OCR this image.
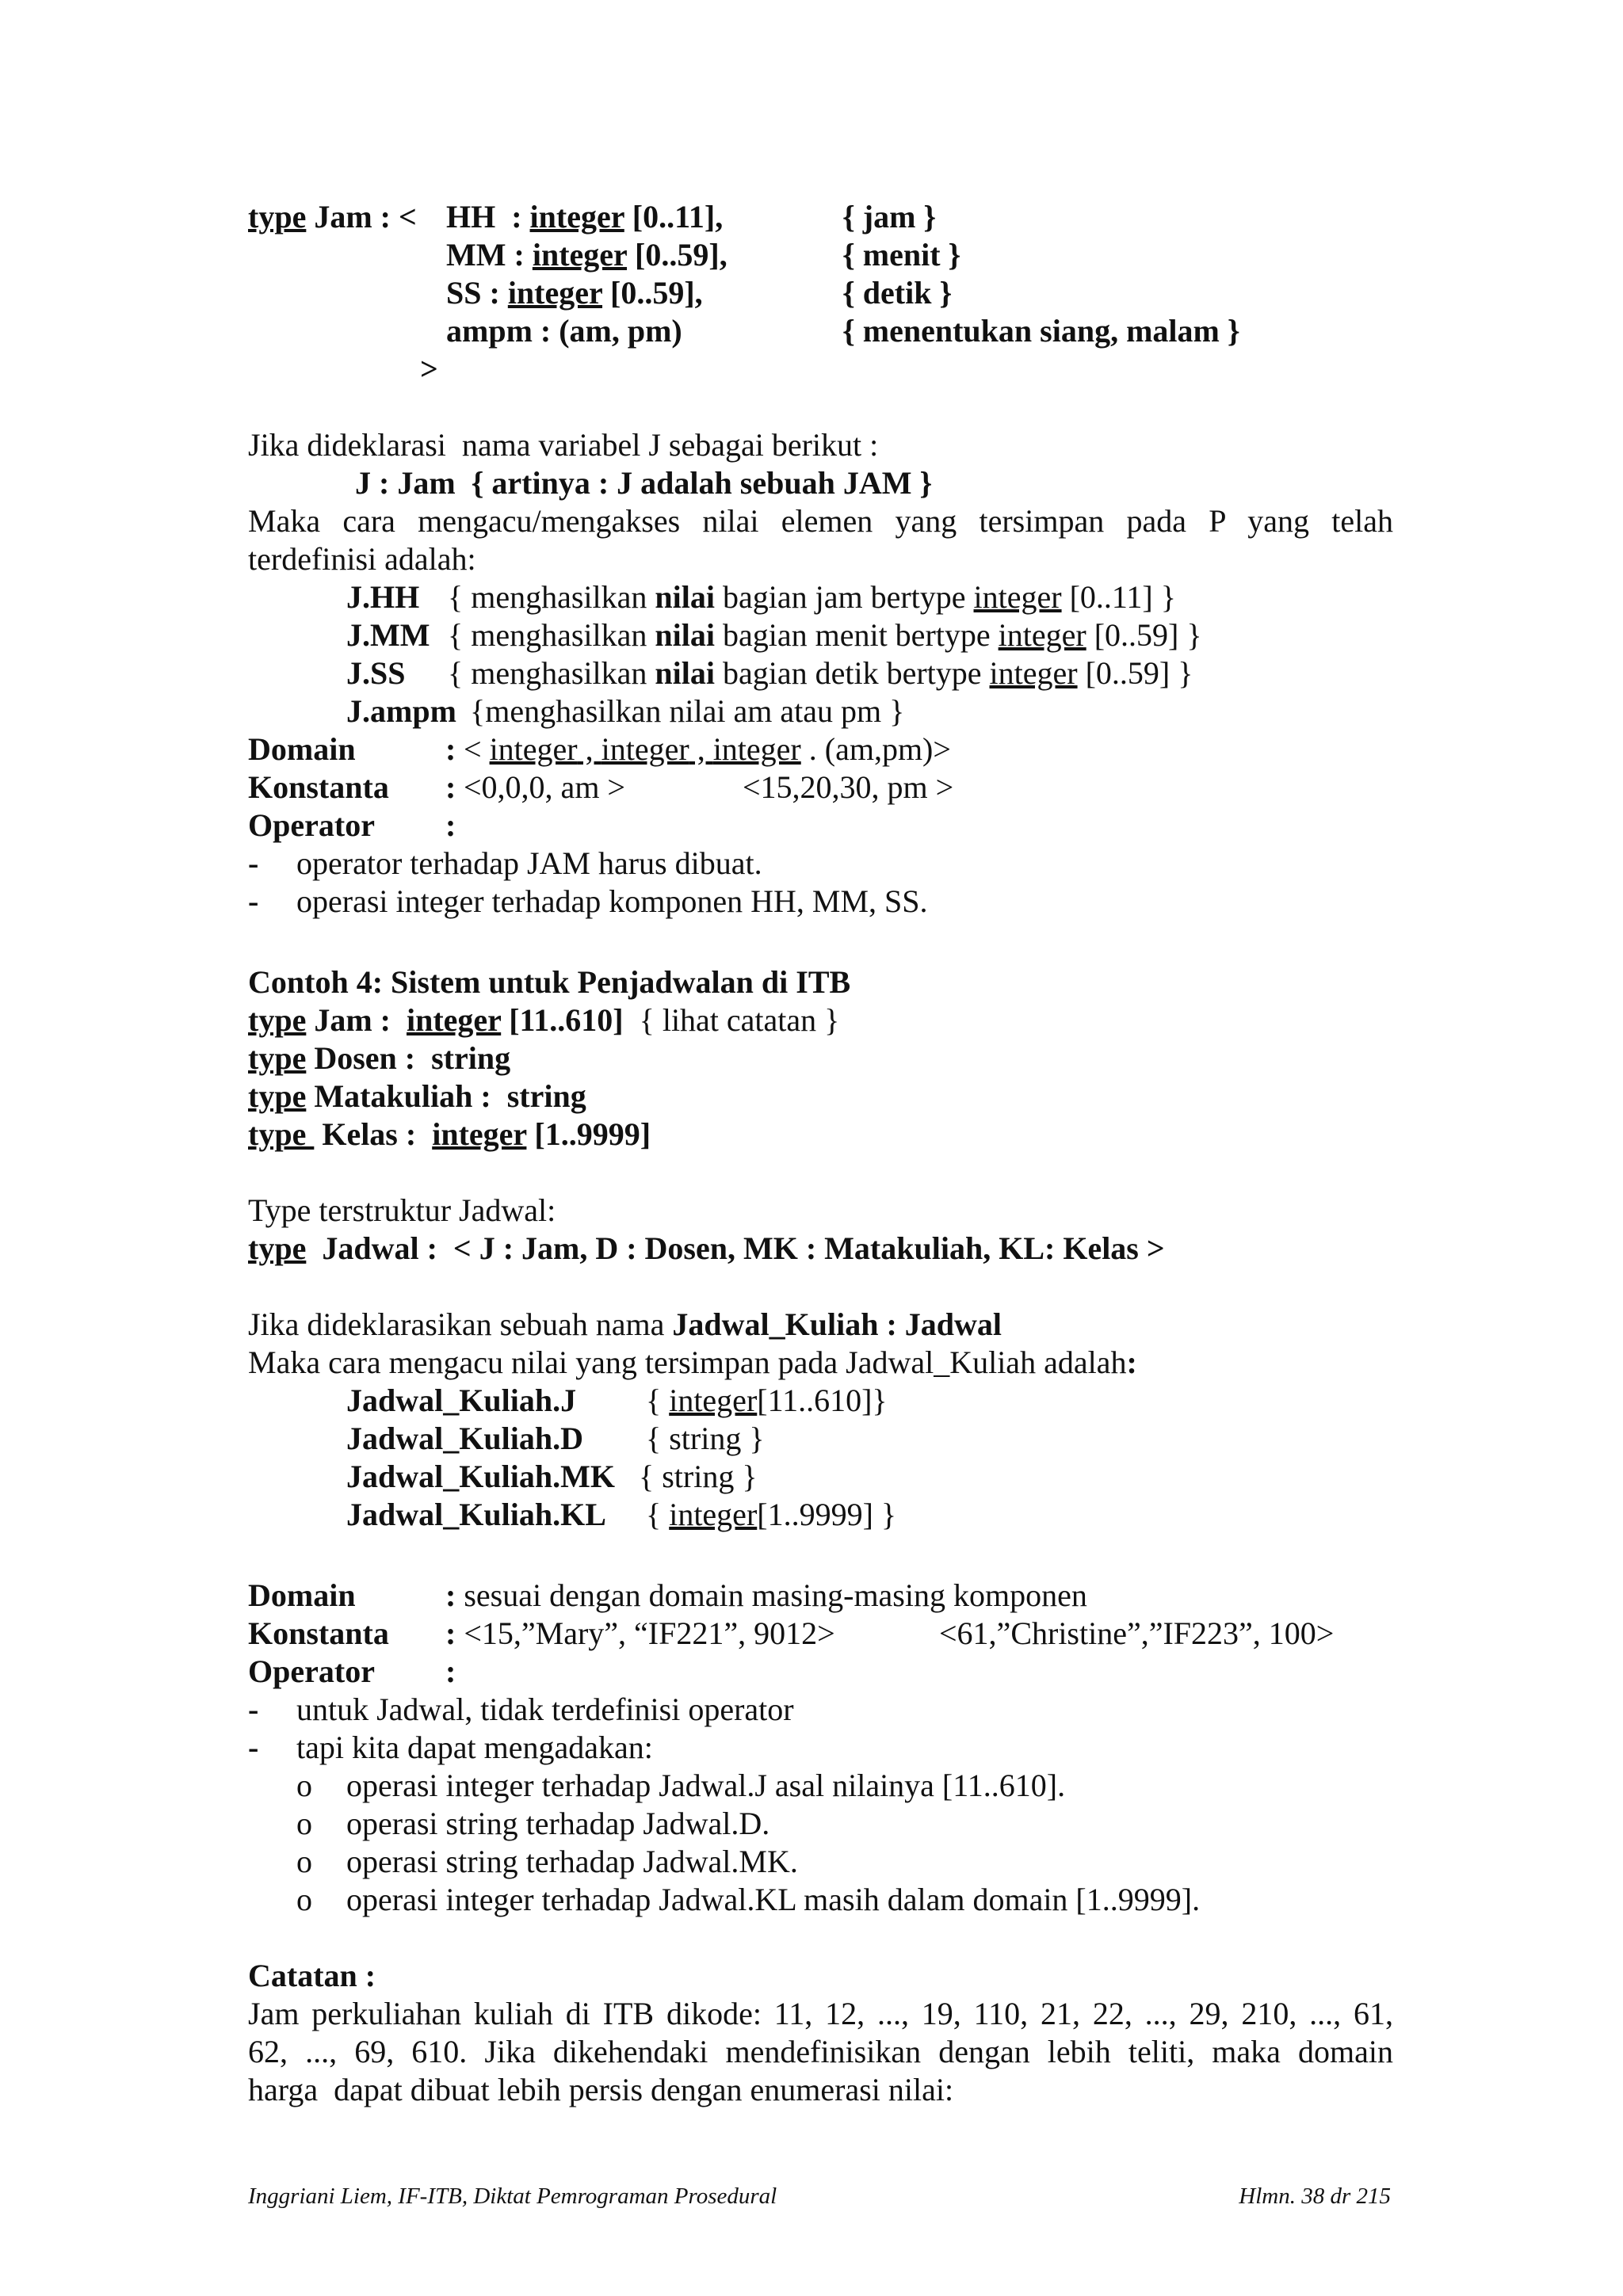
type Jam : < HH  : integer [0..11],	{ jam }
MM : integer [0..59],	{ menit }
SS : integer [0..59],	{ detik }
ampm : (am, pm)	{ menentukan siang, malam }
>
Jika dideklarasi  nama variabel J sebagai berikut :
J : Jam  { artinya : J adalah sebuah JAM }
Maka cara mengacu/mengakses nilai elemen yang tersimpan pada P yang telah
terdefinisi adalah:
J.HH { menghasilkan nilai bagian jam bertype integer [0..11] }
J.MM { menghasilkan nilai bagian menit bertype integer [0..59] }
J.SS { menghasilkan nilai bagian detik bertype integer [0..59] }
J.ampm {menghasilkan nilai am atau pm }
Domain	: < integer , integer , integer . (am,pm)>
Konstanta : <0,0,0, am >	<15,20,30, pm >
Operator :
- operator terhadap JAM harus dibuat.
- operasi integer terhadap komponen HH, MM, SS.
Contoh 4: Sistem untuk Penjadwalan di ITB
type Jam :  integer [11..610]  { lihat catatan }
type Dosen :  string
type Matakuliah :  string
type  Kelas :  integer [1..9999]
Type terstruktur Jadwal:
type  Jadwal :  < J : Jam, D : Dosen, MK : Matakuliah, KL: Kelas >
Jika dideklarasikan sebuah nama Jadwal_Kuliah : Jadwal
Maka cara mengacu nilai yang tersimpan pada Jadwal_Kuliah adalah:
Jadwal_Kuliah.J { integer[11..610]}
Jadwal_Kuliah.D { string }
Jadwal_Kuliah.MK { string }
Jadwal_Kuliah.KL { integer[1..9999] }
Domain	: sesuai dengan domain masing-masing komponen
Konstanta : <15,”Mary”, “IF221”, 9012>	<61,”Christine”,”IF223”, 100>
Operator :
- untuk Jadwal, tidak terdefinisi operator
- tapi kita dapat mengadakan:
o operasi integer terhadap Jadwal.J asal nilainya [11..610].
o operasi string terhadap Jadwal.D.
o operasi string terhadap Jadwal.MK.
o operasi integer terhadap Jadwal.KL masih dalam domain [1..9999].
Catatan :
Jam perkuliahan kuliah di ITB dikode: 11, 12, ..., 19, 110, 21, 22, ..., 29, 210, ..., 61,
62, ..., 69, 610. Jika dikehendaki mendefinisikan dengan lebih teliti, maka domain
harga  dapat dibuat lebih persis dengan enumerasi nilai:
Inggriani Liem, IF-ITB, Diktat Pemrograman Prosedural	Hlmn. 38 dr 215
